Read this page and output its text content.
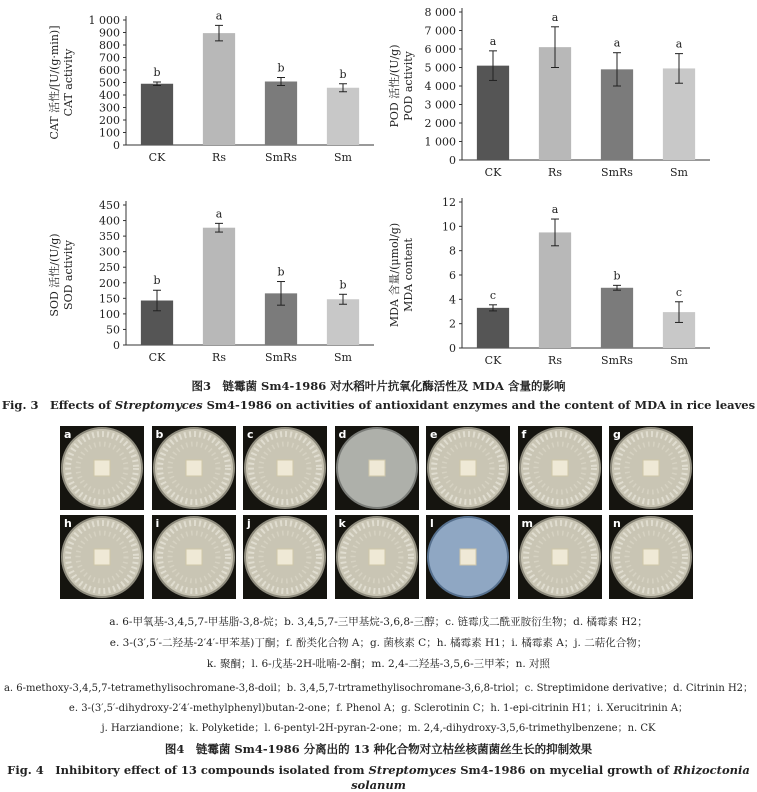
0
100
200
300
400
500
600
700
800
900
1 000
CAT 活性/[U/(g·min)] CAT activity	b
CK
a
Rs
b
SmRs
b
Sm	0
1 000
2 000
3 000
4 000
5 000
6 000
7 000
8 000
POD 活性/(U/g) POD activity
a
CK
a
Rs
a
SmRs
a
Sm
0
50
100
150
200
250
300
350
400
450
SOD 活性/(U/g) SOD activity	b
CK
a
Rs
b
SmRs
b
Sm
0
2
4
6
8
10
12
MDA 含量/(μmol/g) MDA content	c
CK
a
Rs
b
SmRs
c
Sm
图3　链霉菌 Sm4-1986 对水稻叶片抗氧化酶活性及 MDA 含量的影响
Fig. 3　Effects of Streptomyces Sm4-1986 on activities of antioxidant enzymes and the content of MDA in rice leaves
a	b	c	d	e	f	g
h	i	j	k	l	m	n
a. 6-甲氧基-3,4,5,7-甲基脂-3,8-烷；b. 3,4,5,7-三甲基烷-3,6,8-三醇；c. 链霉戊二酰亚胺衍生物；d. 橘霉素 H2；
e. 3-(3′,5′-二羟基-2′4′-甲苯基)丁酮；f. 酚类化合物 A；g. 菌核素 C；h. 橘霉素 H1；i. 橘霉素 A；j. 二萜化合物；
k. 聚酮；l. 6-戊基-2H-吡喃-2-酮；m. 2,4-二羟基-3,5,6-三甲苯；n. 对照
a. 6-methoxy-3,4,5,7-tetramethylisochromane-3,8-doil；b. 3,4,5,7-trtramethylisochromane-3,6,8-triol；c. Streptimidone derivative；d. Citrinin H2；
e. 3-(3′,5′-dihydroxy-2′4′-methylphenyl)butan-2-one；f. Phenol A；g. Sclerotinin C；h. 1-epi-citrinin H1；i. Xerucitrinin A；
j. Harziandione；k. Polyketide；l. 6-pentyl-2H-pyran-2-one；m. 2,4,-dihydroxy-3,5,6-trimethylbenzene；n. CK
图4　链霉菌 Sm4-1986 分离出的 13 种化合物对立枯丝核菌菌丝生长的抑制效果
Fig. 4　Inhibitory effect of 13 compounds isolated from Streptomyces Sm4-1986 on mycelial growth of Rhizoctonia solanum
